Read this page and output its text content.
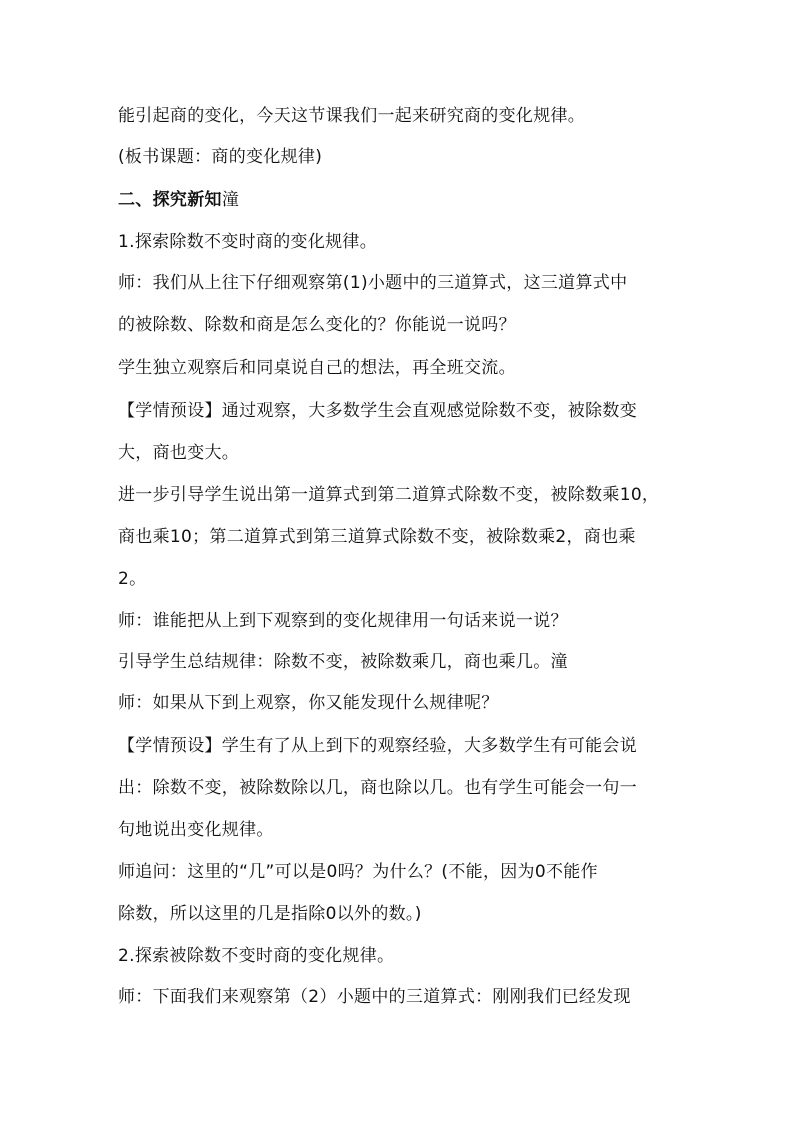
能引起商的变化，今天这节课我们一起来研究商的变化规律。

(板书课题：商的变化规律)

二、探究新知潼

1.探索除数不变时商的变化规律。

师：我们从上往下仔细观察第(1)小题中的三道算式，这三道算式中

的被除数、除数和商是怎么变化的？你能说一说吗？

学生独立观察后和同桌说自己的想法，再全班交流。

【学情预设】通过观察，大多数学生会直观感觉除数不变，被除数变

大，商也变大。

进一步引导学生说出第一道算式到第二道算式除数不变，被除数乘10，

商也乘10；第二道算式到第三道算式除数不变，被除数乘2，商也乘

2。

师：谁能把从上到下观察到的变化规律用一句话来说一说？

引导学生总结规律：除数不变，被除数乘几，商也乘几。潼

师：如果从下到上观察，你又能发现什么规律呢？

【学情预设】学生有了从上到下的观察经验，大多数学生有可能会说

出：除数不变，被除数除以几，商也除以几。也有学生可能会一句一

句地说出变化规律。

师追问：这里的“几”可以是0吗？为什么？(不能，因为0不能作

除数，所以这里的几是指除0以外的数。)

2.探索被除数不变时商的变化规律。

师：下面我们来观察第（2）小题中的三道算式：刚刚我们已经发现
